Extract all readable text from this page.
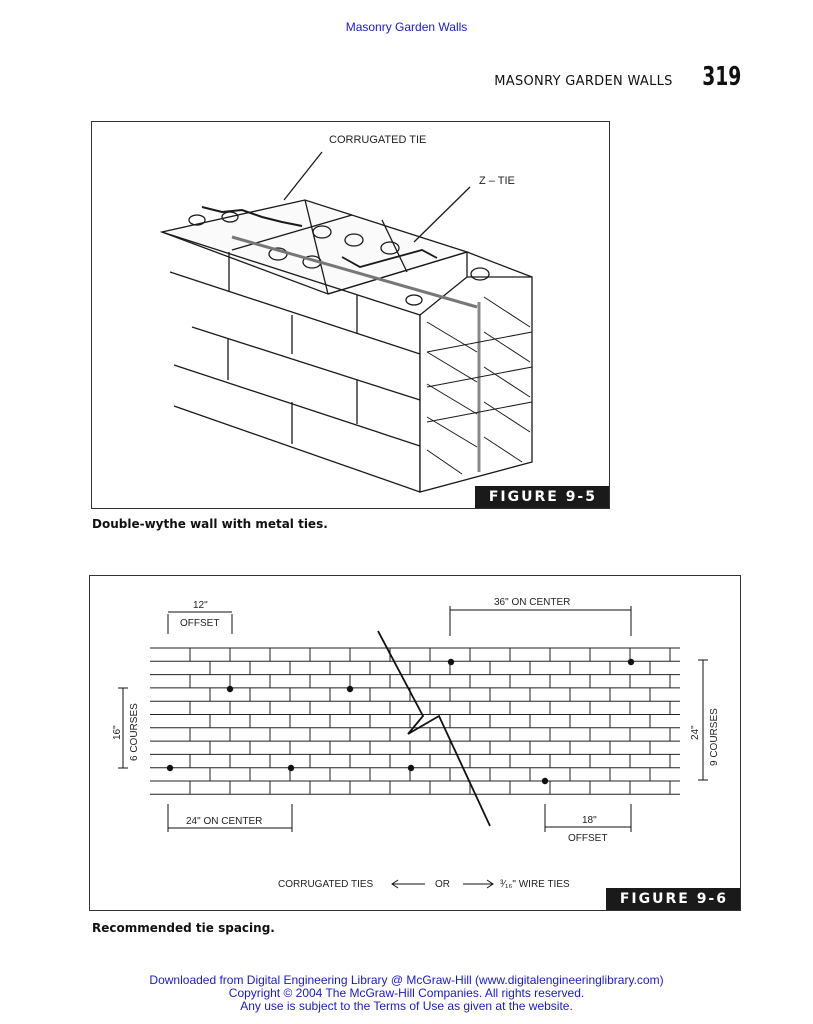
Masonry Garden Walls
MASONRY GARDEN WALLS 319
CORRUGATED TIE
Z – TIE
FIGURE 9-5
Double-wythe wall with metal ties.
12"
OFFSET
36" ON CENTER
16" 6 COURSES	24" 9 COURSES
24" ON CENTER	18"
OFFSET
CORRUGATED TIES	OR	³⁄₁₆" WIRE TIES
FIGURE 9-6
Recommended tie spacing.
Downloaded from Digital Engineering Library @ McGraw-Hill (www.digitalengineeringlibrary.com)
Copyright © 2004 The McGraw-Hill Companies. All rights reserved.
Any use is subject to the Terms of Use as given at the website.
